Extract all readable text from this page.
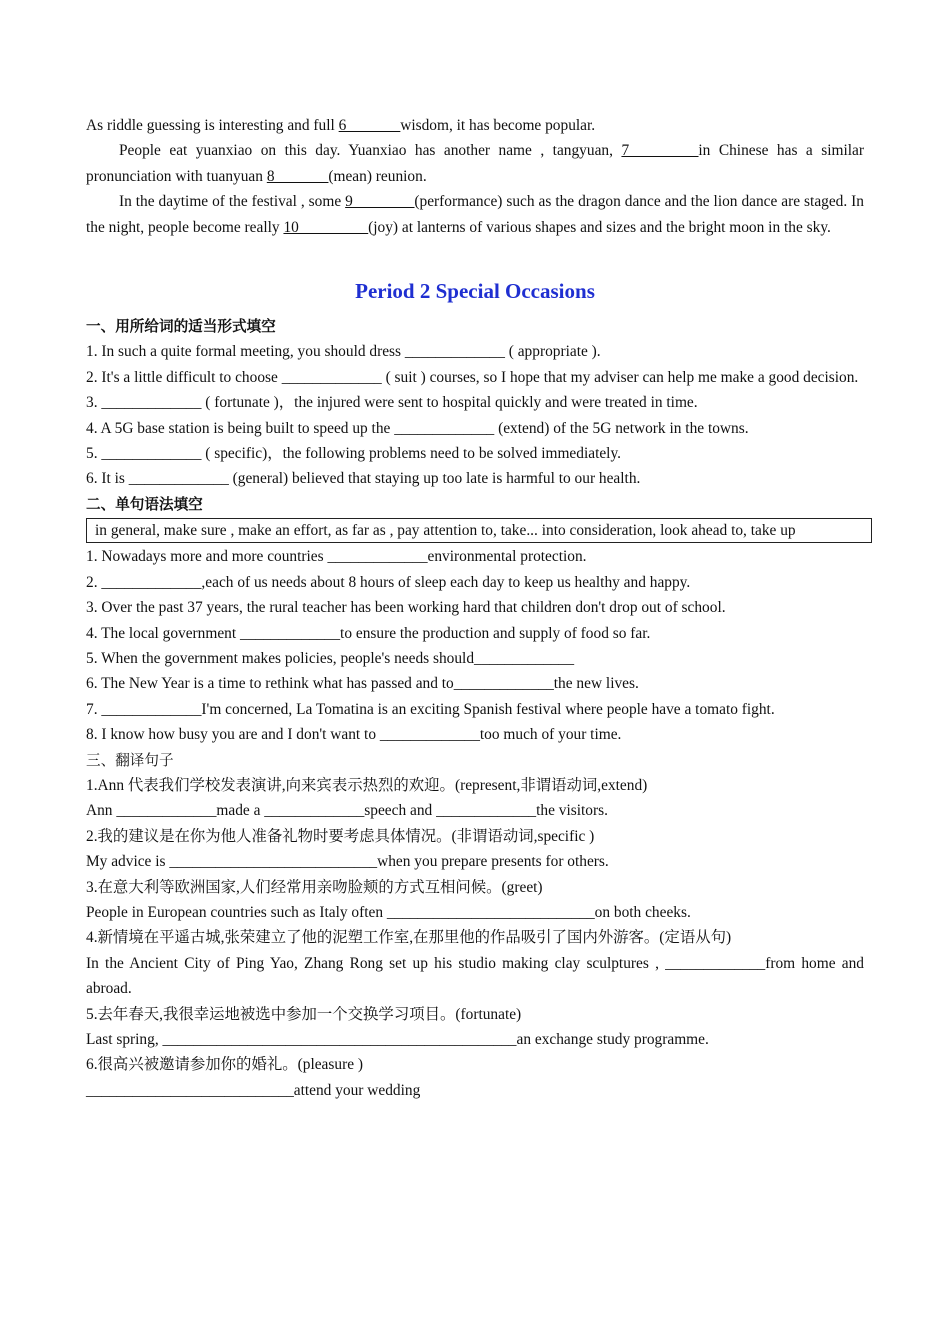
As riddle guessing is interesting and full 6_______wisdom, it has become popular.
People eat yuanxiao on this day. Yuanxiao has another name , tangyuan, 7_________in Chinese has a similar pronunciation with tuanyuan 8_______(mean) reunion.
In the daytime of the festival , some 9________(performance) such as the dragon dance and the lion dance are staged. In the night, people become really 10_________(joy) at lanterns of various shapes and sizes and the bright moon in the sky.
Period 2 Special Occasions
一、用所给词的适当形式填空
1. In such a quite formal meeting, you should dress _____________ ( appropriate ).
2. It's a little difficult to choose _____________ ( suit ) courses, so I hope that my adviser can help me make a good decision.
3. _____________ ( fortunate )，the injured were sent to hospital quickly and were treated in time.
4. A 5G base station is being built to speed up the _____________ (extend) of the 5G network in the towns.
5. _____________ ( specific)，the following problems need to be solved immediately.
6. It is _____________ (general) believed that staying up too late is harmful to our health.
二、单句语法填空
in general, make sure , make an effort, as far as , pay attention to, take... into consideration, look ahead to, take up
1. Nowadays more and more countries _____________environmental protection.
2. _____________,each of us needs about 8 hours of sleep each day to keep us healthy and happy.
3. Over the past 37 years, the rural teacher has been working hard that children don't drop out of school.
4. The local government _____________to ensure the production and supply of food so far.
5. When the government makes policies, people's needs should_____________
6. The New Year is a time to rethink what has passed and to_____________the new lives.
7. _____________I'm concerned, La Tomatina is an exciting Spanish festival where people have a tomato fight.
8. I know how busy you are and I don't want to _____________too much of your time.
三、翻译句子
1.Ann 代表我们学校发表演讲,向来宾表示热烈的欢迎。(represent,非谓语动词,extend)
Ann _____________made a _____________speech and _____________the visitors.
2.我的建议是在你为他人准备礼物时要考虑具体情况。(非谓语动词,specific )
My advice is ___________________________when you prepare presents for others.
3.在意大利等欧洲国家,人们经常用亲吻脸颊的方式互相问候。(greet)
People in European countries such as Italy often ___________________________on both cheeks.
4.新情境在平遥古城,张荣建立了他的泥塑工作室,在那里他的作品吸引了国内外游客。(定语从句)
In the Ancient City of Ping Yao, Zhang Rong set up his studio making clay sculptures , _____________from home and abroad.
5.去年春天,我很幸运地被选中参加一个交换学习项目。(fortunate)
Last spring, ______________________________________________an exchange study programme.
6.很高兴被邀请参加你的婚礼。(pleasure )
___________________________attend your wedding
